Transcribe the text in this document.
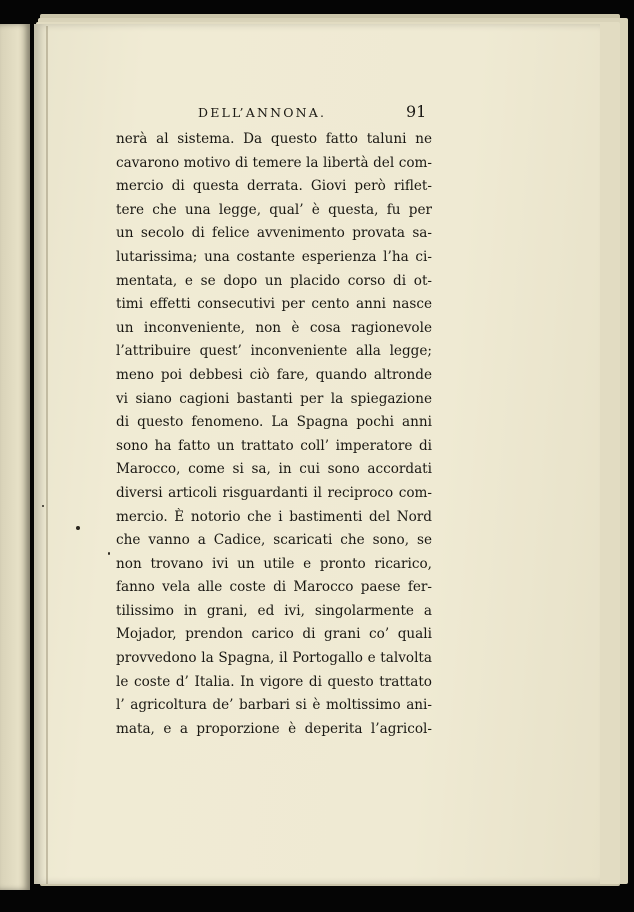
DELL’ANNONA.	91
nerà al sistema. Da questo fatto taluni ne
cavarono motivo di temere la libertà del com-
mercio di questa derrata. Giovi però riflet-
tere che una legge, qual’ è questa, fu per
un secolo di felice avvenimento provata sa-
lutarissima; una costante esperienza l’ha ci-
mentata, e se dopo un placido corso di ot-
timi effetti consecutivi per cento anni nasce
un inconveniente, non è cosa ragionevole
l’attribuire quest’ inconveniente alla legge;
meno poi debbesi ciò fare, quando altronde
vi siano cagioni bastanti per la spiegazione
di questo fenomeno. La Spagna pochi anni
sono ha fatto un trattato coll’ imperatore di
Marocco, come si sa, in cui sono accordati
diversi articoli risguardanti il reciproco com-
mercio. È notorio che i bastimenti del Nord
che vanno a Cadice, scaricati che sono, se
non trovano ivi un utile e pronto ricarico,
fanno vela alle coste di Marocco paese fer-
tilissimo in grani, ed ivi, singolarmente a
Mojador, prendon carico di grani co’ quali
provvedono la Spagna, il Portogallo e talvolta
le coste d’ Italia. In vigore di questo trattato
l’ agricoltura de’ barbari si è moltissimo ani-
mata, e a proporzione è deperita l’agricol-
